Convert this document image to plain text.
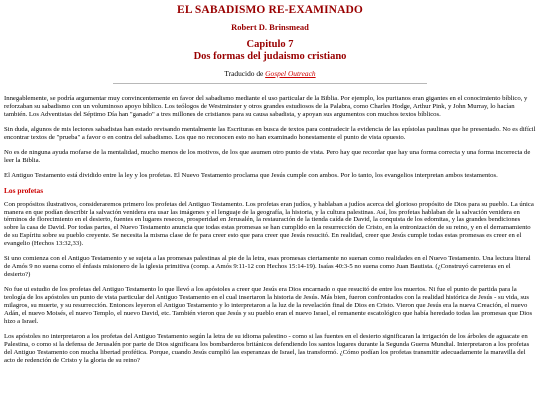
EL SABADISMO RE-EXAMINADO
Robert D. Brinsmead
Capitulo 7
Dos formas del judaismo cristiano
Traducido de Gospel Outreach

Innegablemente, se podría argumentar muy convincentemente en favor del sabadismo mediante el uso particular de la Biblia. Por ejemplo, los puritanos eran gigantes en el conocimiento bíblico, y reforzaban su sabadismo con un voluminoso apoyo bíblico. Los teólogos de Westminster y otros grandes estudiosos de la Palabra, como Charles Hodge, Arthur Pink, y John Murray, lo hacían también. Los Adventistas del Séptimo Día han "ganado" a tres millones de cristianos para su causa sabadista, y apoyan sus argumentos con muchos textos bíblicos.

Sin duda, algunos de mis lectores sabadistas han estado revisando mentalmente las Escrituras en busca de textos para contradecir la evidencia de las epístolas paulinas que he presentado. No es difícil encontrar textos de "prueba" a favor o en contra del sabadismo. Los que no reconocen esto no han examinado honestamente el punto de vista opuesto.

No es de ninguna ayuda mofarse de la mentalidad, mucho menos de los motivos, de los que asumen otro punto de vista. Pero hay que recordar que hay una forma correcta y una forma incorrecta de leer la Biblia.

El Antiguo Testamento está dividido entre la ley y los profetas. El Nuevo Testamento proclama que Jesús cumple con ambos. Por lo tanto, los evangelios interpretan ambos testamentos.

Los profetas

Con propósitos ilustrativos, consideraremos primero los profetas del Antiguo Testamento. Los profetas eran judíos, y hablaban a judíos acerca del glorioso propósito de Dios para su pueblo. La única manera en que podían describir la salvación venidera era usar las imágenes y el lenguaje de la geografía, la historia, y la cultura palestinas. Así, los profetas hablaban de la salvación venidera en términos de florecimiento en el desierto, fuentes en lugares resecos, prosperidad en Jerusalén, la restauración de la tienda caída de David, la conquista de los edomitas, y las grandes bendiciones sobre la casa de David. Por todas partes, el Nuevo Testamento anuncia que todas estas promesas se han cumplido en la resurrección de Cristo, en la entronización de su reino, y en el derramamiento de su Espíritu sobre su pueblo creyente. Se necesita la misma clase de fe para creer esto que para creer que Jesús resucitó. En realidad, creer que Jesús cumple todas estas promesas es creer en el evangelio (Hechos 13:32,33).

Si uno comienza con el Antiguo Testamento y se sujeta a las promesas palestinas al pie de la letra, esas promesas ciertamente no suenan como realidades en el Nuevo Testamento. Una lectura literal de Amós 9 no suena como el énfasis misionero de la iglesia primitiva (comp. a Amós 9:11-12 con Hechos 15:14-19). Isaías 40:3-5 no suena como Juan Bautista. (¿Construyó carreteras en el desierto?)

No fue ui estudio de los profetas del Antiguo Testamento lo que llevó a los apóstoles a creer que Jesús era Dios encarnado o que resucitó de entre los muertos. Ni fue el punto de partida para la teología de los apóstoles un punto de vista particular del Antiguo Testamento en el cual insertaron la historia de Jesús. Más bien, fueron confrontados con la realidad histórica de Jesús - su vida, sus milagros, su muerte, y su resurrección. Entonces leyeron el Antiguo Testamento y lo interpretaron a la luz de la revelación final de Dios en Cristo. Vieron que Jesús era la nueva Creación, el nuevo Adán, el nuevo Moisés, el nuevo Templo, el nuevo David, etc. También vieron que Jesús y su pueblo eran el nuevo Israel, el remanente escatológico que había heredado todas las promesas que Dios hizo a Israel.

Los apóstoles no interpretaron a los profetas del Antiguo Testamento según la letra de su idioma palestino - como si las fuentes en el desierto significaran la irrigación de los árboles de aguacate en Palestina, o como si la defensa de Jerusalén por parte de Dios significara los bombarderos británicos defendiendo los santos lugares durante la Segunda Guerra Mundial. Interpretaron a los profetas del Antiguo Testamento con mucha libertad profética. Porque, cuando Jesús cumplió las esperanzas de Israel, las transformó. ¿Cómo podían los profetas transmitir adecuadamente la maravilla del acto de redención de Cristo y la gloria de su reino?
